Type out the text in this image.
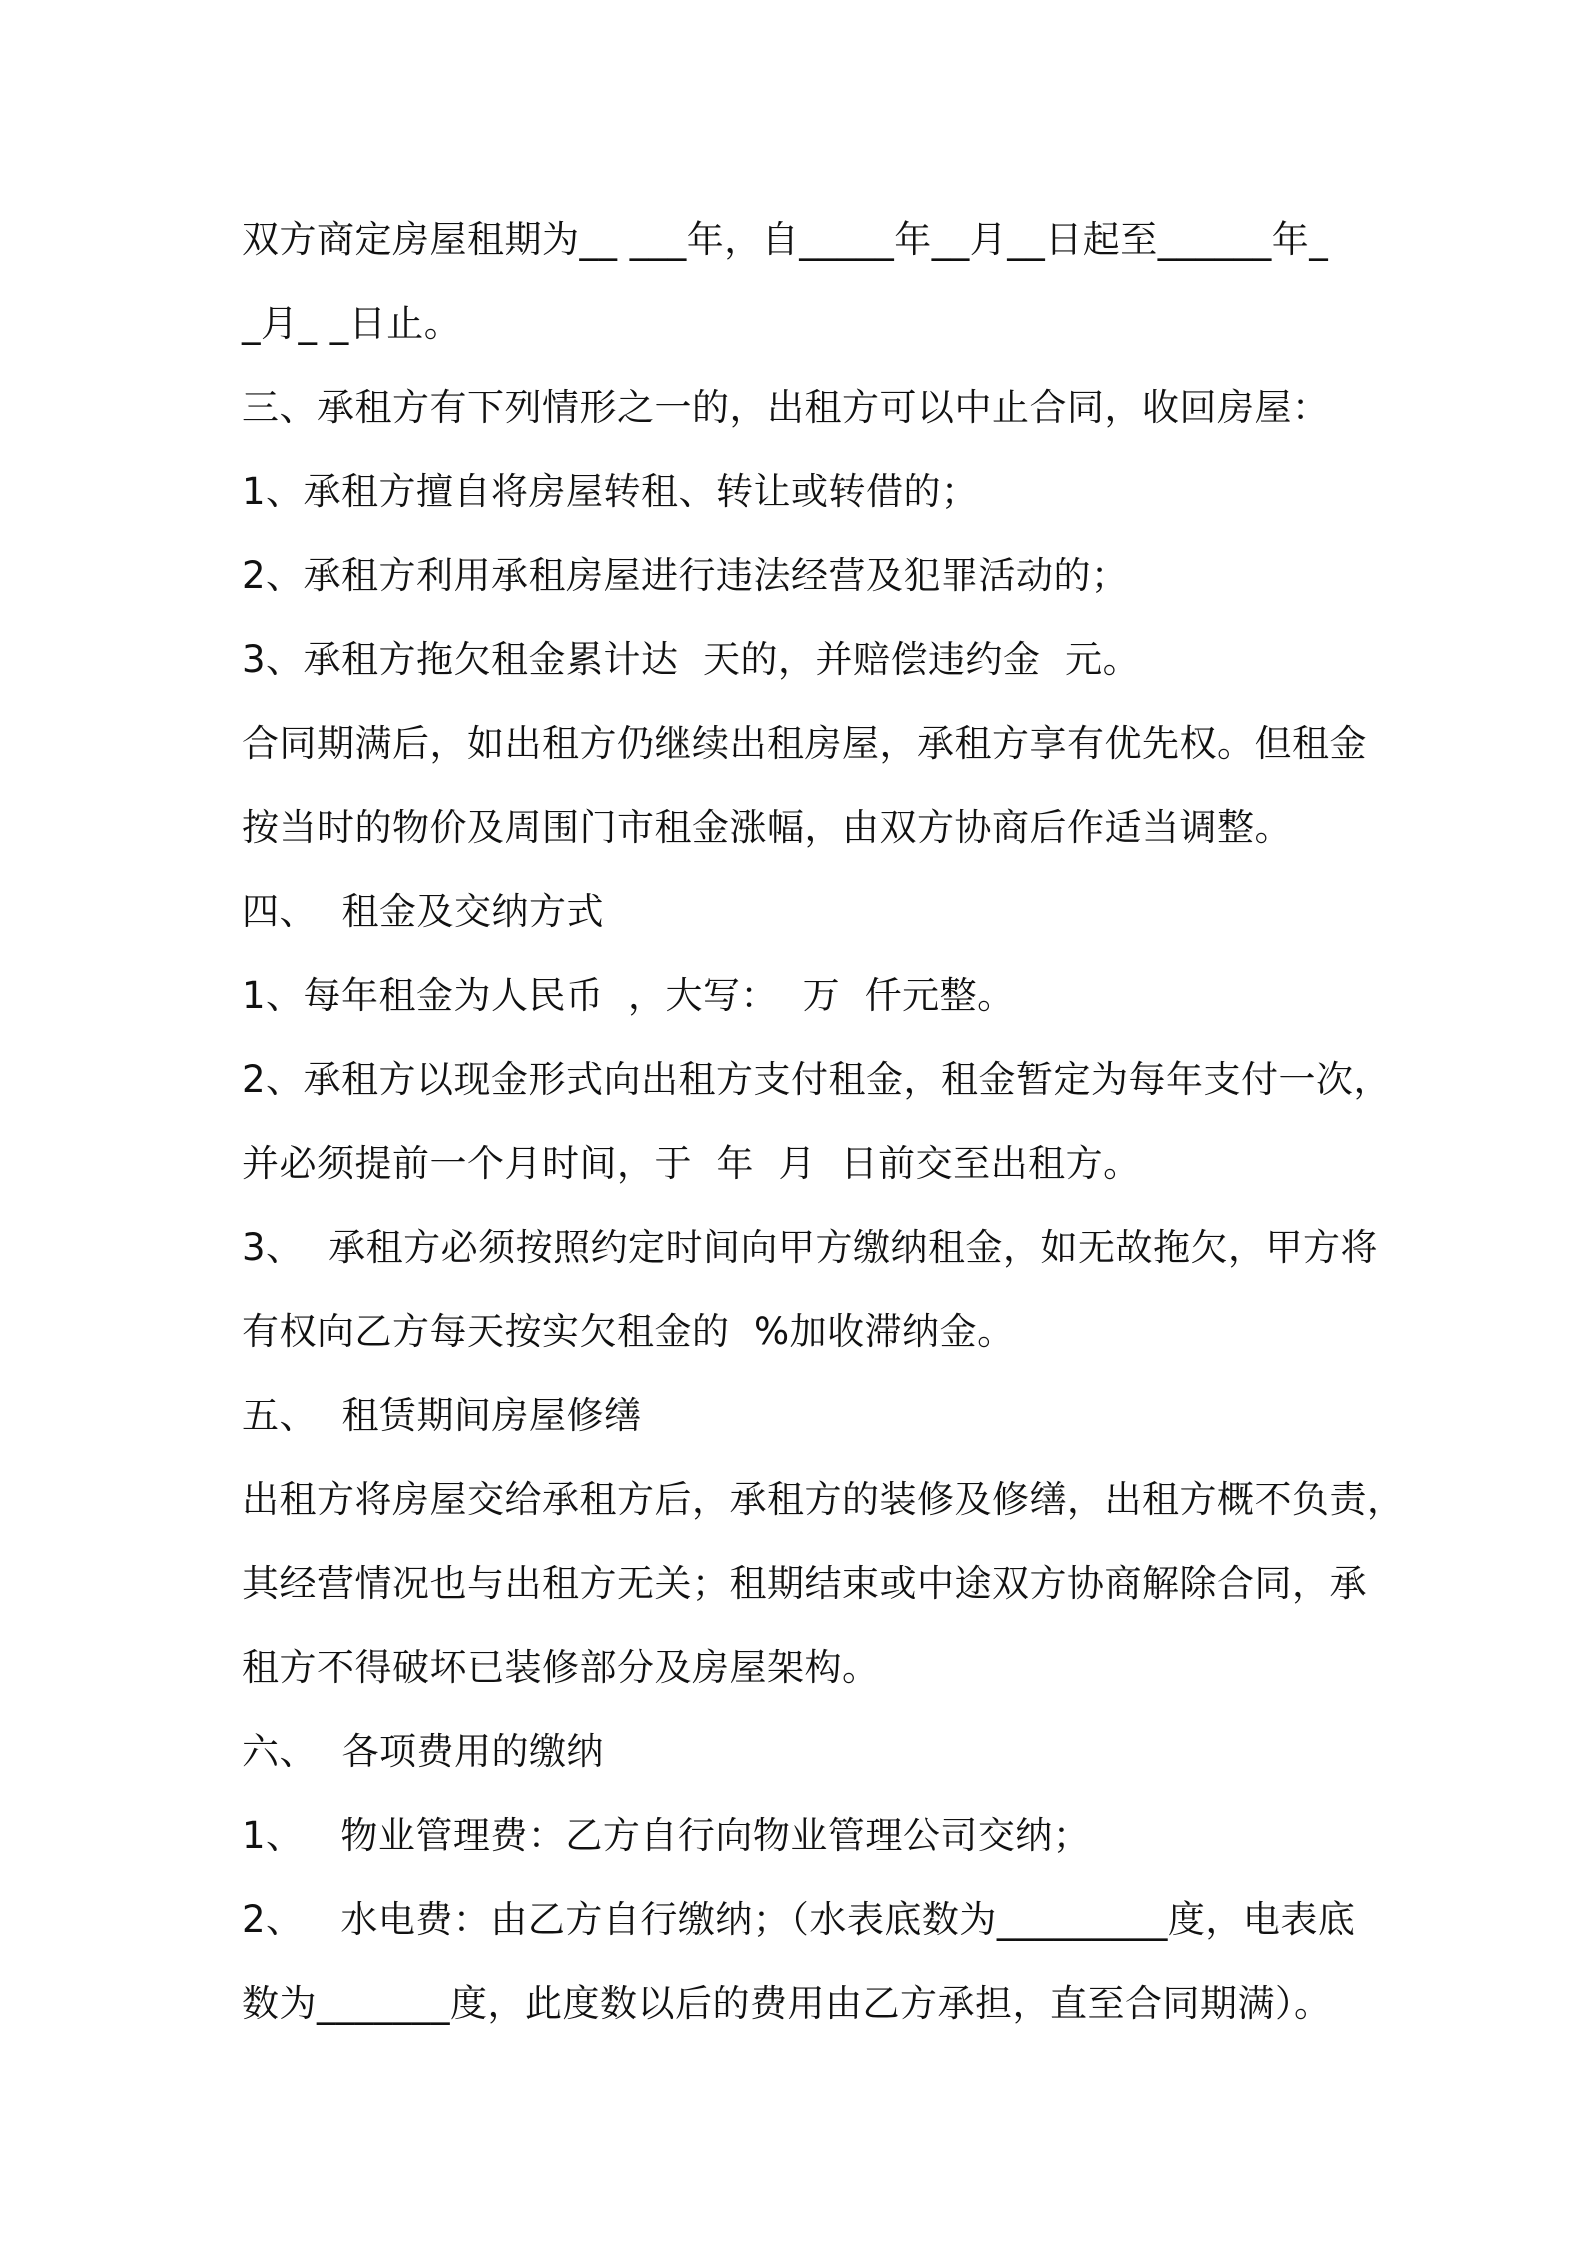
双方商定房屋租期为__ ___年，自_____年__月__日起至______年_
_月_ _日止。
三、承租方有下列情形之一的，出租方可以中止合同，收回房屋：
1、承租方擅自将房屋转租、转让或转借的；
2、承租方利用承租房屋进行违法经营及犯罪活动的；
3、承租方拖欠租金累计达  天的，并赔偿违约金  元。
合同期满后，如出租方仍继续出租房屋，承租方享有优先权。但租金
按当时的物价及周围门市租金涨幅，由双方协商后作适当调整。
四、  租金及交纳方式
1、每年租金为人民币  ，大写：  万  仟元整。
2、承租方以现金形式向出租方支付租金，租金暂定为每年支付一次，
并必须提前一个月时间，于  年  月  日前交至出租方。
3、  承租方必须按照约定时间向甲方缴纳租金，如无故拖欠，甲方将
有权向乙方每天按实欠租金的  %加收滞纳金。
五、  租赁期间房屋修缮
出租方将房屋交给承租方后，承租方的装修及修缮，出租方概不负责，
其经营情况也与出租方无关；租期结束或中途双方协商解除合同，承
租方不得破坏已装修部分及房屋架构。
六、  各项费用的缴纳
1、   物业管理费：乙方自行向物业管理公司交纳；
2、   水电费：由乙方自行缴纳；（水表底数为_________度，电表底
数为_______度，此度数以后的费用由乙方承担，直至合同期满）。
